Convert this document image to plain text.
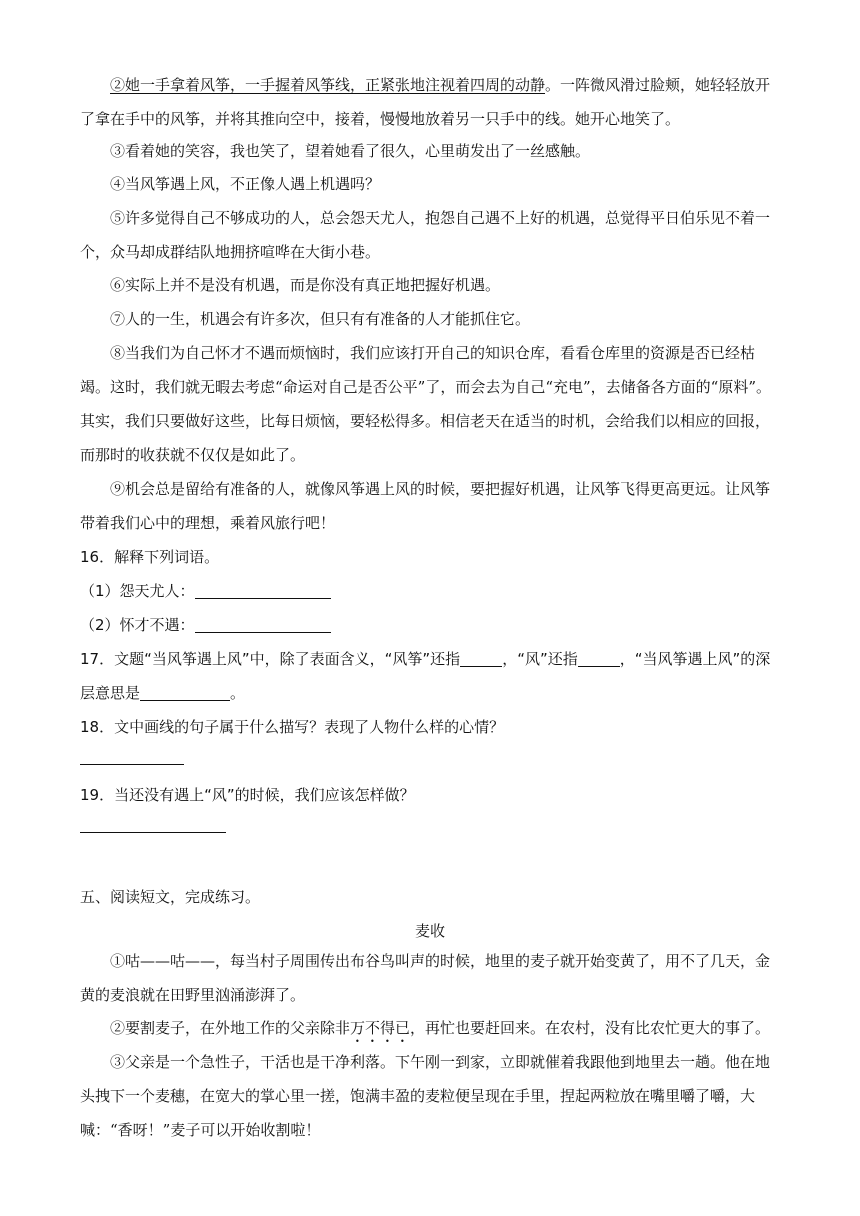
②她一手拿着风筝，一手握着风筝线，正紧张地注视着四周的动静。一阵微风滑过脸颊，她轻轻放开了拿在手中的风筝，并将其推向空中，接着，慢慢地放着另一只手中的线。她开心地笑了。

③看着她的笑容，我也笑了，望着她看了很久，心里萌发出了一丝感触。

④当风筝遇上风，不正像人遇上机遇吗？

⑤许多觉得自己不够成功的人，总会怨天尤人，抱怨自己遇不上好的机遇，总觉得平日伯乐见不着一个，众马却成群结队地拥挤喧哗在大街小巷。

⑥实际上并不是没有机遇，而是你没有真正地把握好机遇。

⑦人的一生，机遇会有许多次，但只有有准备的人才能抓住它。

⑧当我们为自己怀才不遇而烦恼时，我们应该打开自己的知识仓库，看看仓库里的资源是否已经枯竭。这时，我们就无暇去考虑“命运对自己是否公平”了，而会去为自己“充电”，去储备各方面的“原料”。其实，我们只要做好这些，比每日烦恼，要轻松得多。相信老天在适当的时机，会给我们以相应的回报，而那时的收获就不仅仅是如此了。

⑨机会总是留给有准备的人，就像风筝遇上风的时候，要把握好机遇，让风筝飞得更高更远。让风筝带着我们心中的理想，乘着风旅行吧！

16．解释下列词语。

（1）怨天尤人：

（2）怀才不遇：

17．文题“当风筝遇上风”中，除了表面含义，“风筝”还指	，“风”还指	，“当风筝遇上风”的深层意思是	。

18．文中画线的句子属于什么描写？表现了人物什么样的心情？

19．当还没有遇上“风”的时候，我们应该怎样做？

五、阅读短文，完成练习。

麦收

①咕——咕——，每当村子周围传出布谷鸟叫声的时候，地里的麦子就开始变黄了，用不了几天，金黄的麦浪就在田野里汹涌澎湃了。

②要割麦子，在外地工作的父亲除非万不得已，再忙也要赶回来。在农村，没有比农忙更大的事了。

③父亲是一个急性子，干活也是干净利落。下午刚一到家，立即就催着我跟他到地里去一趟。他在地头拽下一个麦穗，在宽大的掌心里一搓，饱满丰盈的麦粒便呈现在手里，捏起两粒放在嘴里嚼了嚼，大喊：“香呀！”麦子可以开始收割啦！
